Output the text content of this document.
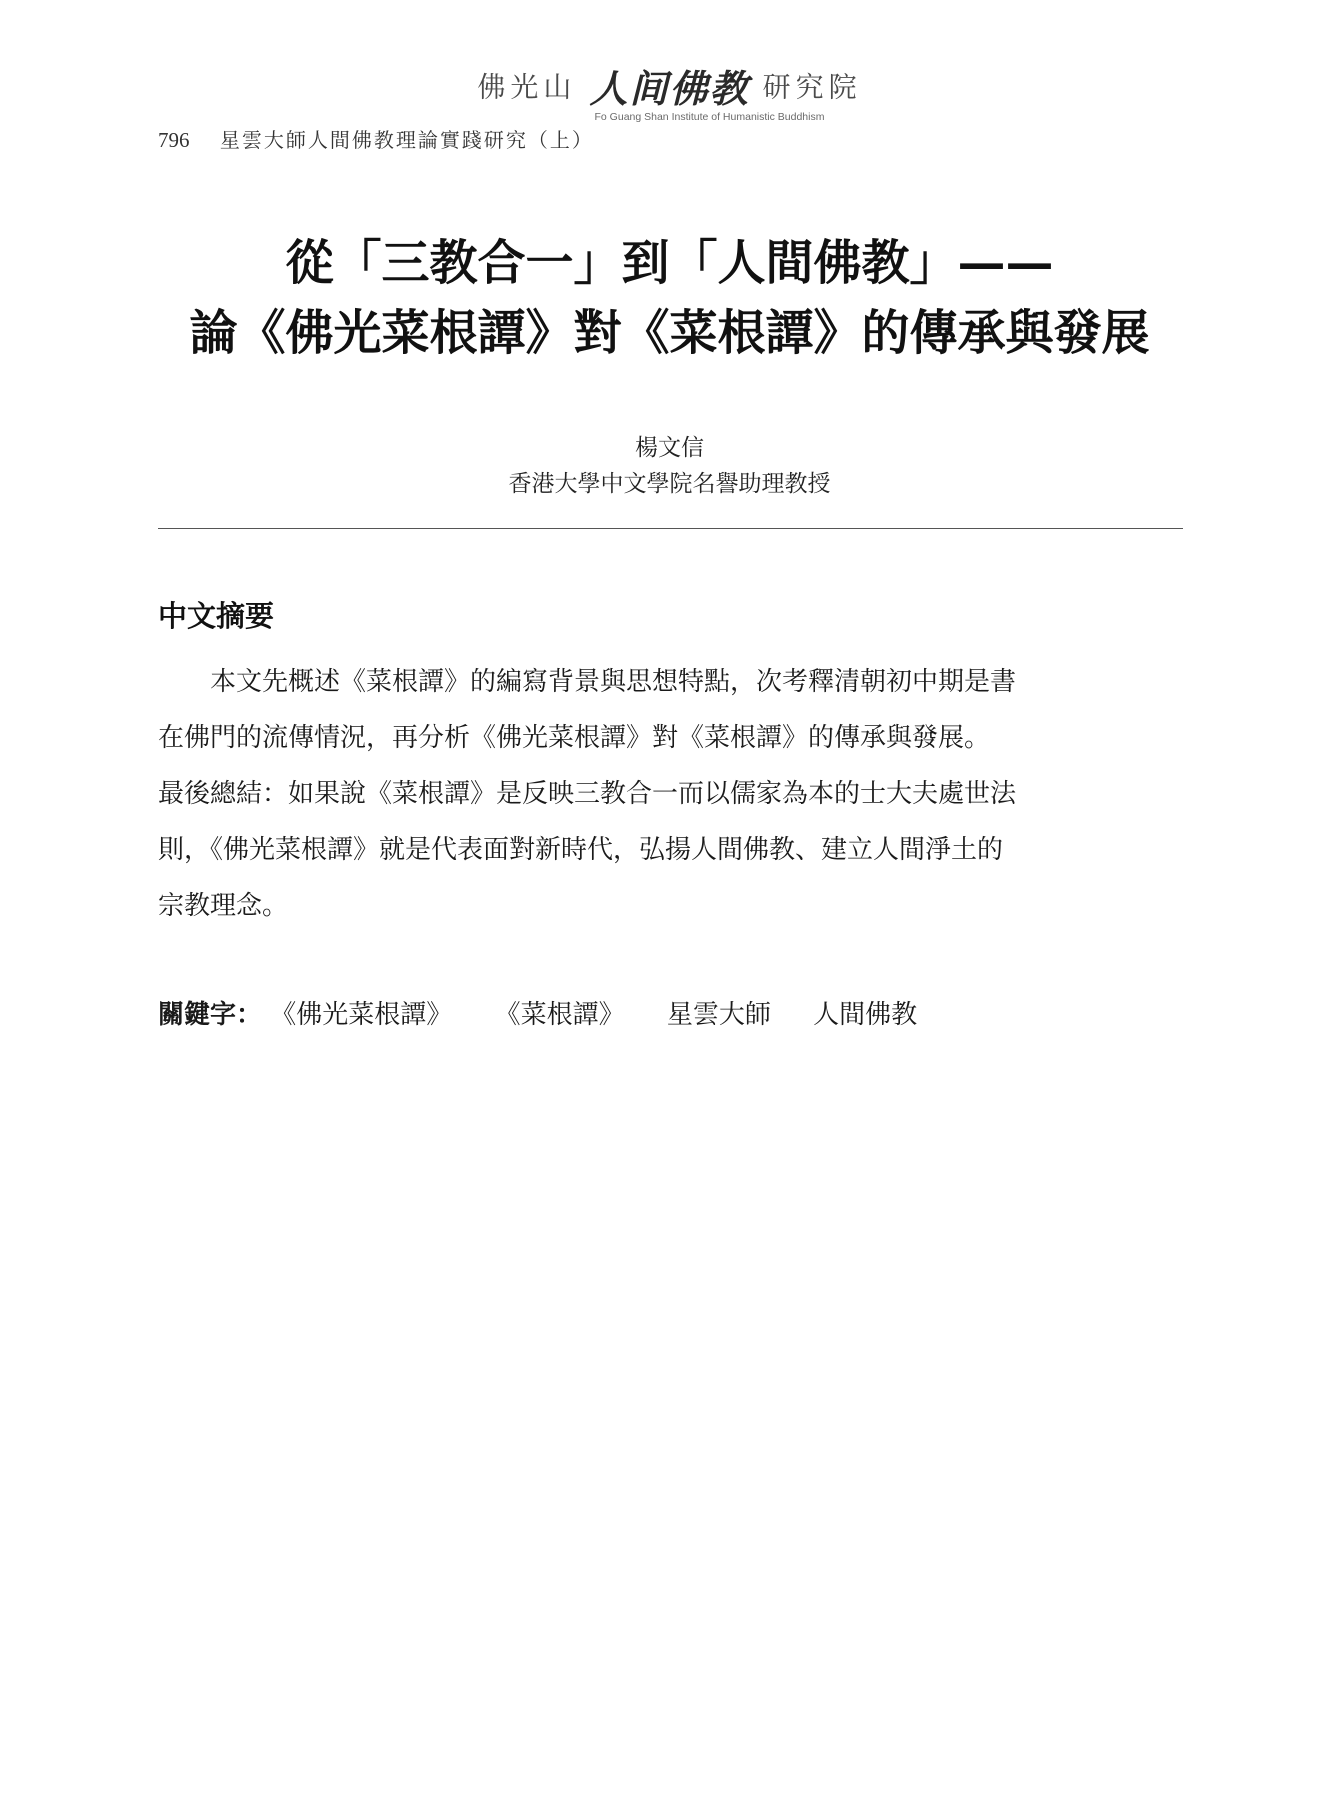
佛光山 人间佛教 研究院
Fo Guang Shan Institute of Humanistic Buddhism
796 星雲大師人間佛教理論實踐研究（上）
從「三教合一」到「人間佛教」——
論《佛光菜根譚》對《菜根譚》的傳承與發展
楊文信
香港大學中文學院名譽助理教授
中文摘要
　　本文先概述《菜根譚》的編寫背景與思想特點，次考釋清朝初中期是書
在佛門的流傳情況，再分析《佛光菜根譚》對《菜根譚》的傳承與發展。
最後總結：如果說《菜根譚》是反映三教合一而以儒家為本的士大夫處世法
則，《佛光菜根譚》就是代表面對新時代，弘揚人間佛教、建立人間淨土的
宗教理念。
關鍵字： 《佛光菜根譚》 《菜根譚》 星雲大師 人間佛教
